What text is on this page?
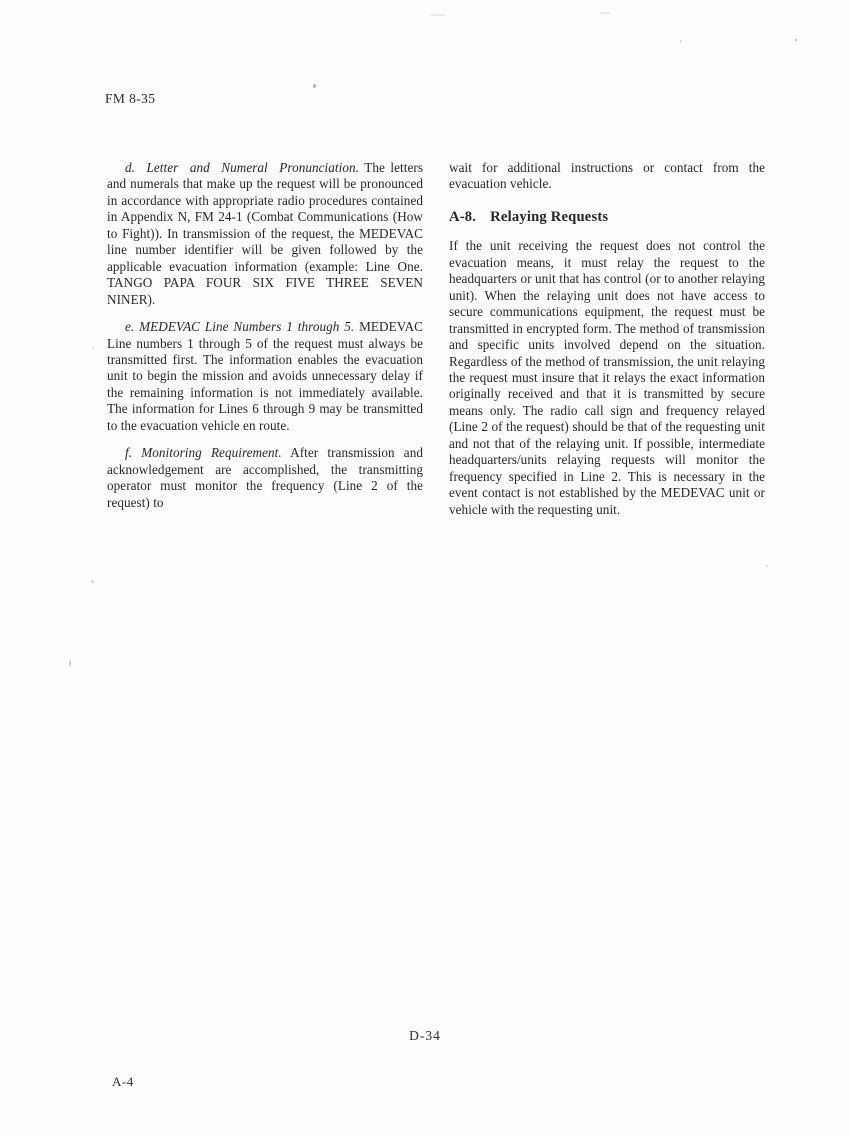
FM 8-35

d. Letter and Numeral Pronunciation. The letters and numerals that make up the request will be pronounced in accordance with appropriate radio procedures contained in Appendix N, FM 24-1 (Combat Communications (How to Fight)). In transmission of the request, the MEDEVAC line number identifier will be given followed by the applicable evacuation information (example: Line One. TANGO PAPA FOUR SIX FIVE THREE SEVEN NINER).

e. MEDEVAC Line Numbers 1 through 5. MEDEVAC Line numbers 1 through 5 of the request must always be transmitted first. The information enables the evacuation unit to begin the mission and avoids unnecessary delay if the remaining information is not immediately available. The information for Lines 6 through 9 may be transmitted to the evacuation vehicle en route.

f. Monitoring Requirement. After transmission and acknowledgement are accomplished, the transmitting operator must monitor the frequency (Line 2 of the request) to

wait for additional instructions or contact from the evacuation vehicle.

A-8. Relaying Requests

If the unit receiving the request does not control the evacuation means, it must relay the request to the headquarters or unit that has control (or to another relaying unit). When the relaying unit does not have access to secure communications equipment, the request must be transmitted in encrypted form. The method of transmission and specific units involved depend on the situation. Regardless of the method of transmission, the unit relaying the request must insure that it relays the exact information originally received and that it is transmitted by secure means only. The radio call sign and frequency relayed (Line 2 of the request) should be that of the requesting unit and not that of the relaying unit. If possible, intermediate headquarters/units relaying requests will monitor the frequency specified in Line 2. This is necessary in the event contact is not established by the MEDEVAC unit or vehicle with the requesting unit.

D-34
A-4
